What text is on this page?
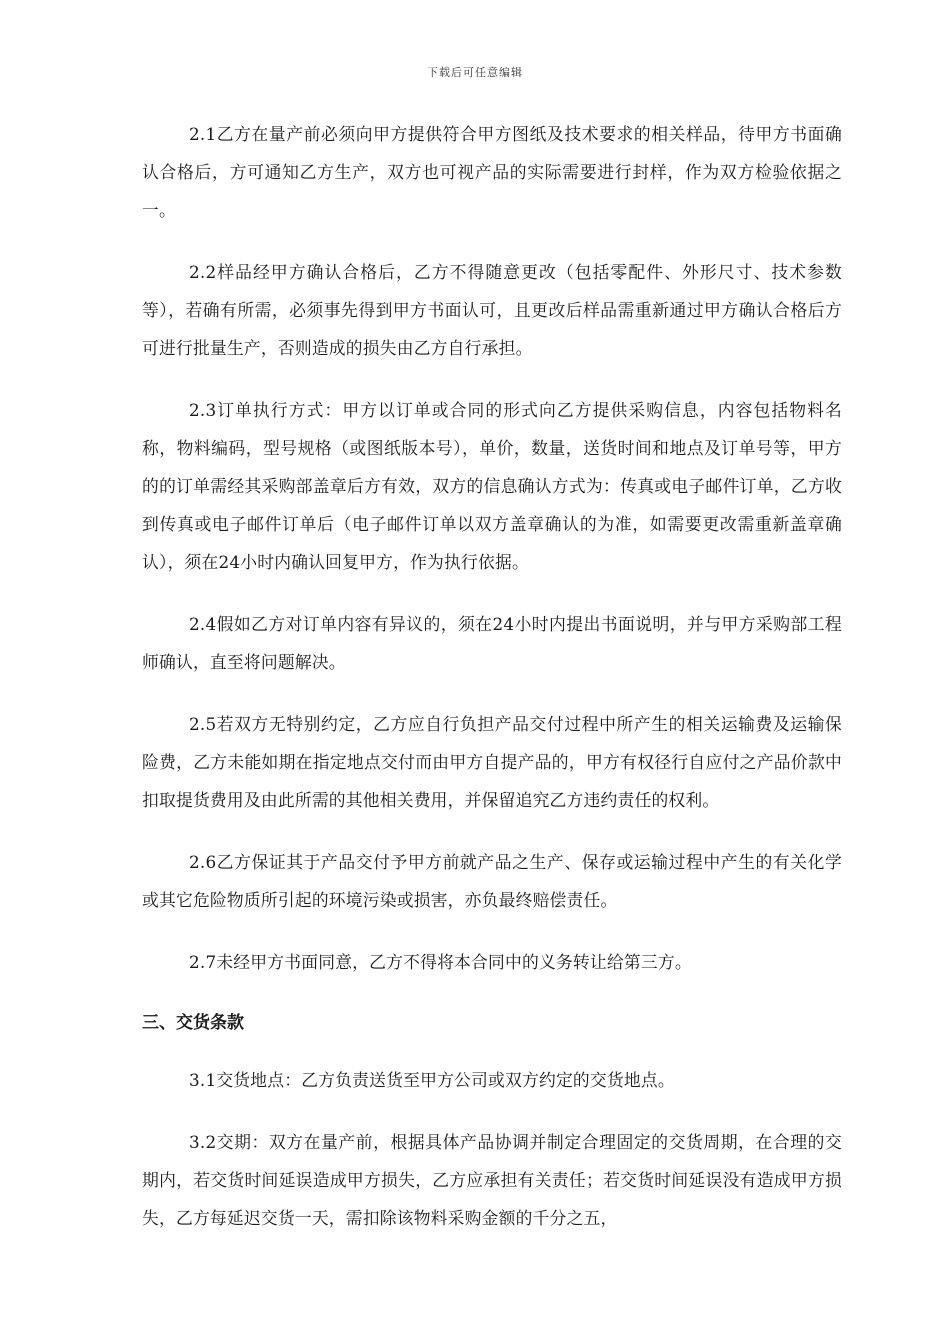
下载后可任意编辑

2.1乙方在量产前必须向甲方提供符合甲方图纸及技术要求的相关样品，待甲方书面确认合格后，方可通知乙方生产，双方也可视产品的实际需要进行封样，作为双方检验依据之一。

2.2样品经甲方确认合格后，乙方不得随意更改（包括零配件、外形尺寸、技术参数等），若确有所需，必须事先得到甲方书面认可，且更改后样品需重新通过甲方确认合格后方可进行批量生产，否则造成的损失由乙方自行承担。

2.3订单执行方式：甲方以订单或合同的形式向乙方提供采购信息，内容包括物料名称，物料编码，型号规格（或图纸版本号），单价，数量，送货时间和地点及订单号等，甲方的的订单需经其采购部盖章后方有效，双方的信息确认方式为：传真或电子邮件订单，乙方收到传真或电子邮件订单后（电子邮件订单以双方盖章确认的为准，如需要更改需重新盖章确认），须在24小时内确认回复甲方，作为执行依据。

2.4假如乙方对订单内容有异议的，须在24小时内提出书面说明，并与甲方采购部工程师确认，直至将问题解决。

2.5若双方无特别约定，乙方应自行负担产品交付过程中所产生的相关运输费及运输保险费，乙方未能如期在指定地点交付而由甲方自提产品的，甲方有权径行自应付之产品价款中扣取提货费用及由此所需的其他相关费用，并保留追究乙方违约责任的权利。

2.6乙方保证其于产品交付予甲方前就产品之生产、保存或运输过程中产生的有关化学或其它危险物质所引起的环境污染或损害，亦负最终赔偿责任。

2.7未经甲方书面同意，乙方不得将本合同中的义务转让给第三方。

三、交货条款

3.1交货地点：乙方负责送货至甲方公司或双方约定的交货地点。

3.2交期：双方在量产前，根据具体产品协调并制定合理固定的交货周期，在合理的交期内，若交货时间延误造成甲方损失，乙方应承担有关责任；若交货时间延误没有造成甲方损失，乙方每延迟交货一天，需扣除该物料采购金额的千分之五，
